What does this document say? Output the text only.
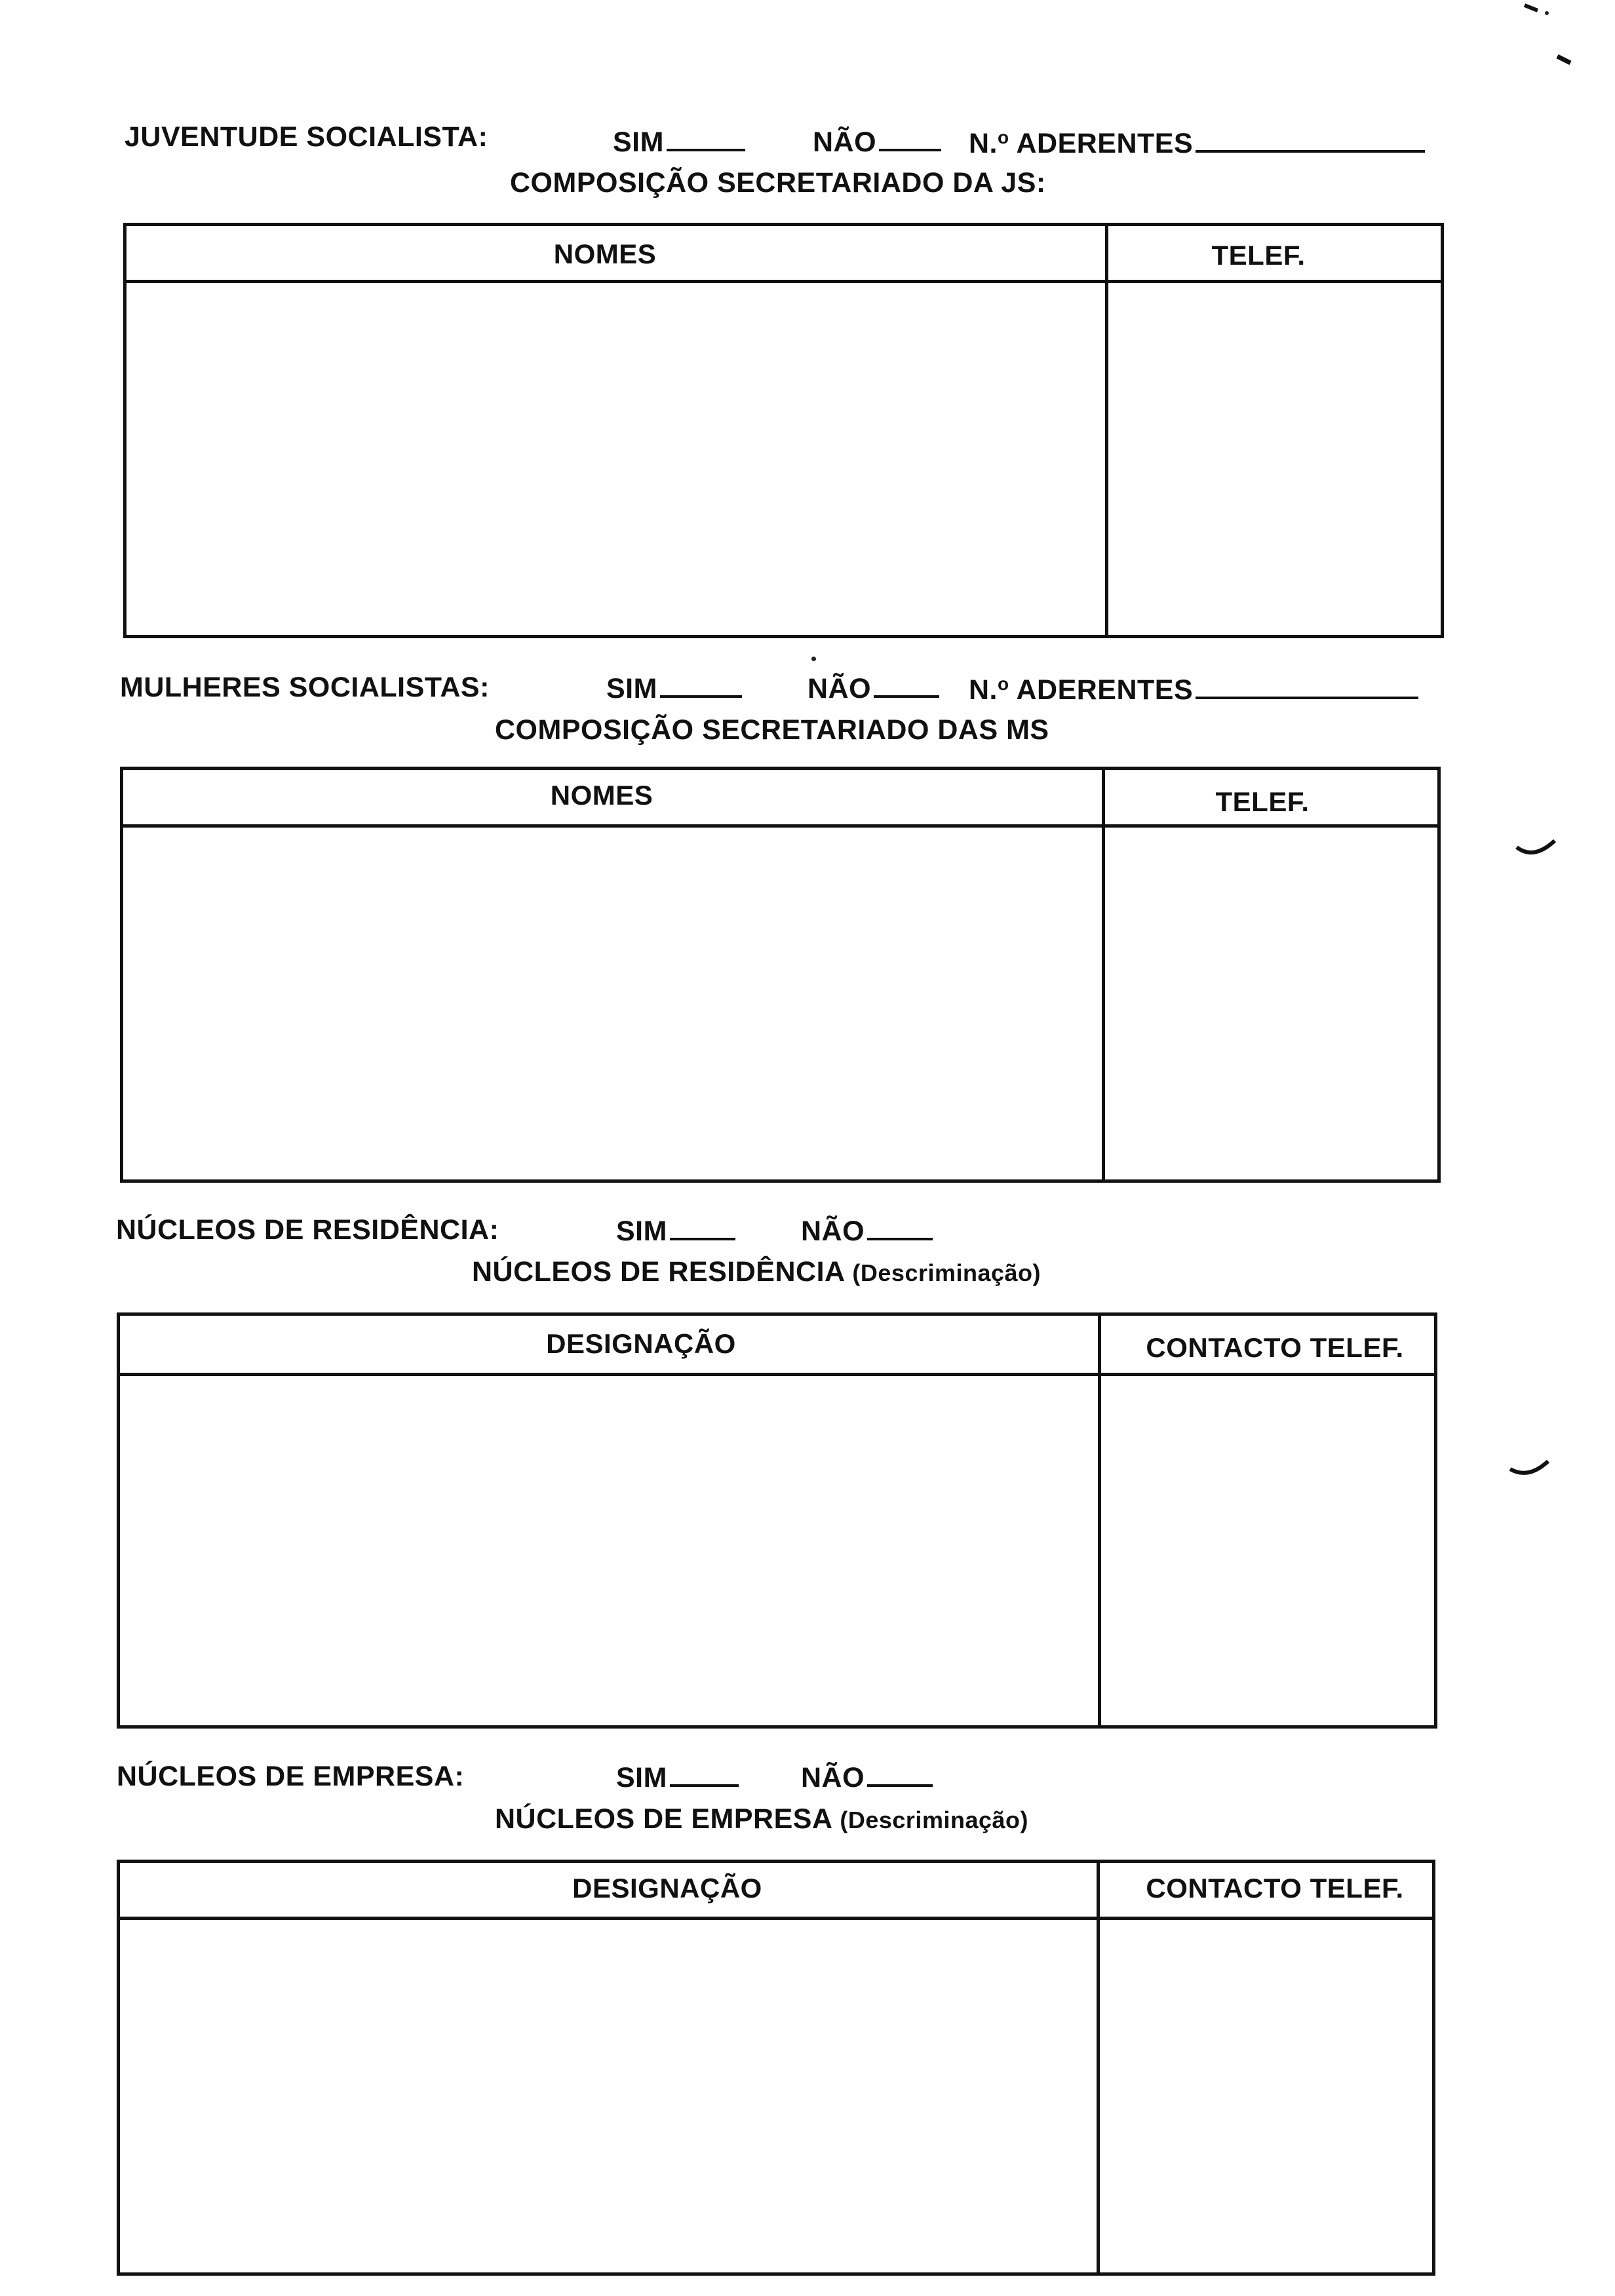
JUVENTUDE SOCIALISTA:	SIM	NÃO	N.$^o$ ADERENTES
COMPOSIÇÃO SECRETARIADO DA JS:
NOMES	TELEF.
MULHERES SOCIALISTAS:	SIM	NÃO	N.$^o$ ADERENTES
COMPOSIÇÃO SECRETARIADO DAS MS
NOMES	TELEF.
NÚCLEOS DE RESIDÊNCIA:	SIM	NÃO
NÚCLEOS DE RESIDÊNCIA (Descriminação)
DESIGNAÇÃO	CONTACTO TELEF.
NÚCLEOS DE EMPRESA:	SIM	NÃO
NÚCLEOS DE EMPRESA (Descriminação)
DESIGNAÇÃO	CONTACTO TELEF.
